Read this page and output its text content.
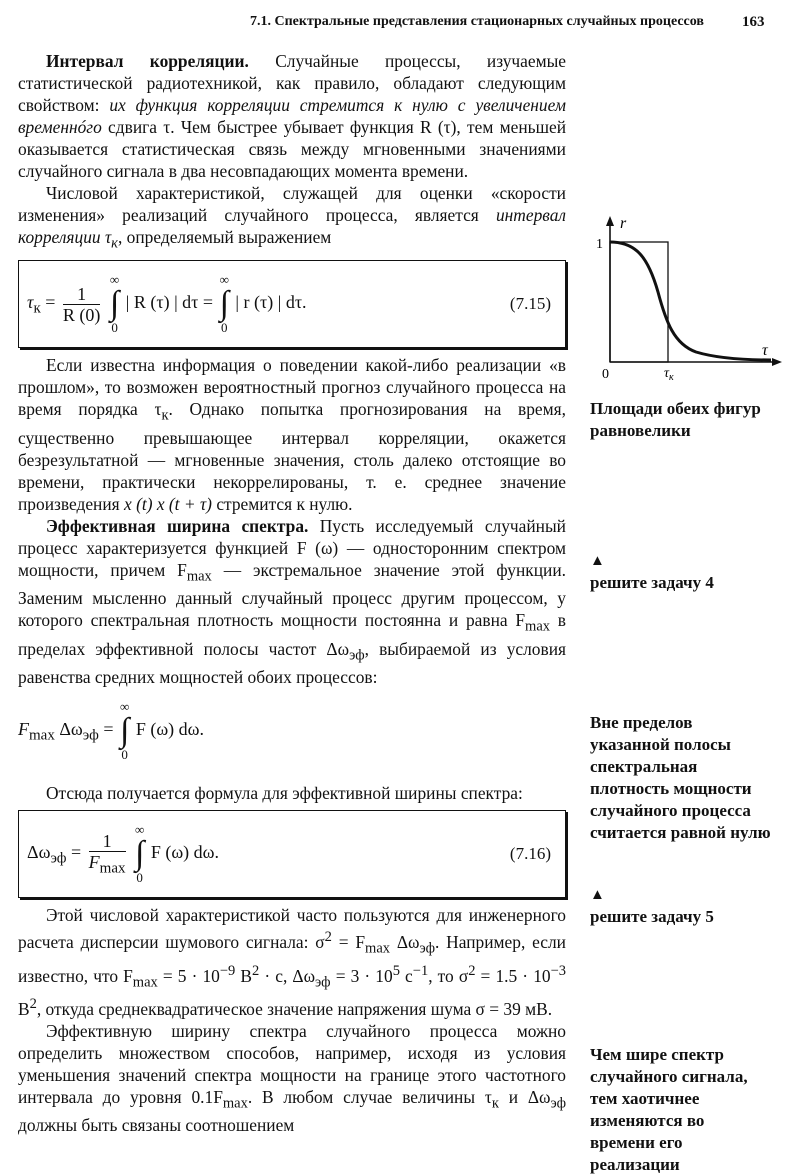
7.1. Спектральные представления стационарных случайных процессов	163

Интервал корреляции. Случайные процессы, изучаемые статистической радиотехникой, как правило, обладают следующим свойством: их функция корреляции стремится к нулю с увеличением временнóго сдвига τ. Чем быстрее убывает функция R (τ), тем меньшей оказывается статистическая связь между мгновенными значениями случайного сигнала в два несовпадающих момента времени.

Числовой характеристикой, служащей для оценки «скорости изменения» реализаций случайного процесса, является интервал корреляции $\tau_к$, определяемый выражением

$\tau_к = \frac{1}{R (0)}$

∞
∫
0
| R (τ) | dτ =
∞
∫
0
| r (τ) | dτ.	(7.15)

Если известна информация о поведении какой-либо реализации «в прошлом», то возможен вероятностный прогноз случайного процесса на время порядка $\tau_к$. Однако попытка прогнозирования на время, существенно превышающее интервал корреляции, окажется безрезультатной — мгновенные значения, столь далеко отстоящие во времени, практически некоррелированы, т. е. среднее значение произведения x (t) x (t + τ) стремится к нулю.

Эффективная ширина спектра. Пусть исследуемый случайный процесс характеризуется функцией F (ω) — односторонним спектром мощности, причем $F_{max}$ — экстремальное значение этой функции. Заменим мысленно данный случайный процесс другим процессом, у которого спектральная плотность мощности постоянна и равна $F_{max}$ в пределах эффективной полосы частот $\Delta\omega_{эф}$, выбираемой из условия равенства средних мощностей обоих процессов:

$F_{max}$ $\Delta\omega_{эф}$ =
∞
∫
0
F (ω) dω.

Отсюда получается формула для эффективной ширины спектра:

$\Delta\omega_{эф} = \frac{1}{F_{max}}$

∞
∫
0
F (ω) dω.	(7.16)

Этой числовой характеристикой часто пользуются для инженерного расчета дисперсии шумового сигнала: $\sigma^2 = F_{max}$ $\Delta\omega_{эф}$. Например, если известно, что $F_{max} = 5 \cdot 10^{-9}$ $В^2 \cdot с$, $\Delta\omega_{эф} = 3 \cdot 10^5$ $с^{-1}$, то $\sigma^2 = 1.5 \cdot 10^{-3}$ $В^2$, откуда среднеквадратическое значение напряжения шума σ = 39 мВ.

Эффективную ширину спектра случайного процесса можно определить множеством способов, например, исходя из условия уменьшения значений спектра мощности на границе этого частотного интервала до уровня $0.1F_{max}$. В любом случае величины $\tau_к$ и $\Delta\omega_{эф}$ должны быть связаны соотношением

r
1
0
τ
$\tau_к$
Площади обеих фигур равновелики
▲
решите задачу 4
Вне пределов указанной полосы спектральная плотность мощности случайного процесса считается равной нулю
▲
решите задачу 5
Чем шире спектр случайного сигнала, тем хаотичнее изменяются во времени его реализации
